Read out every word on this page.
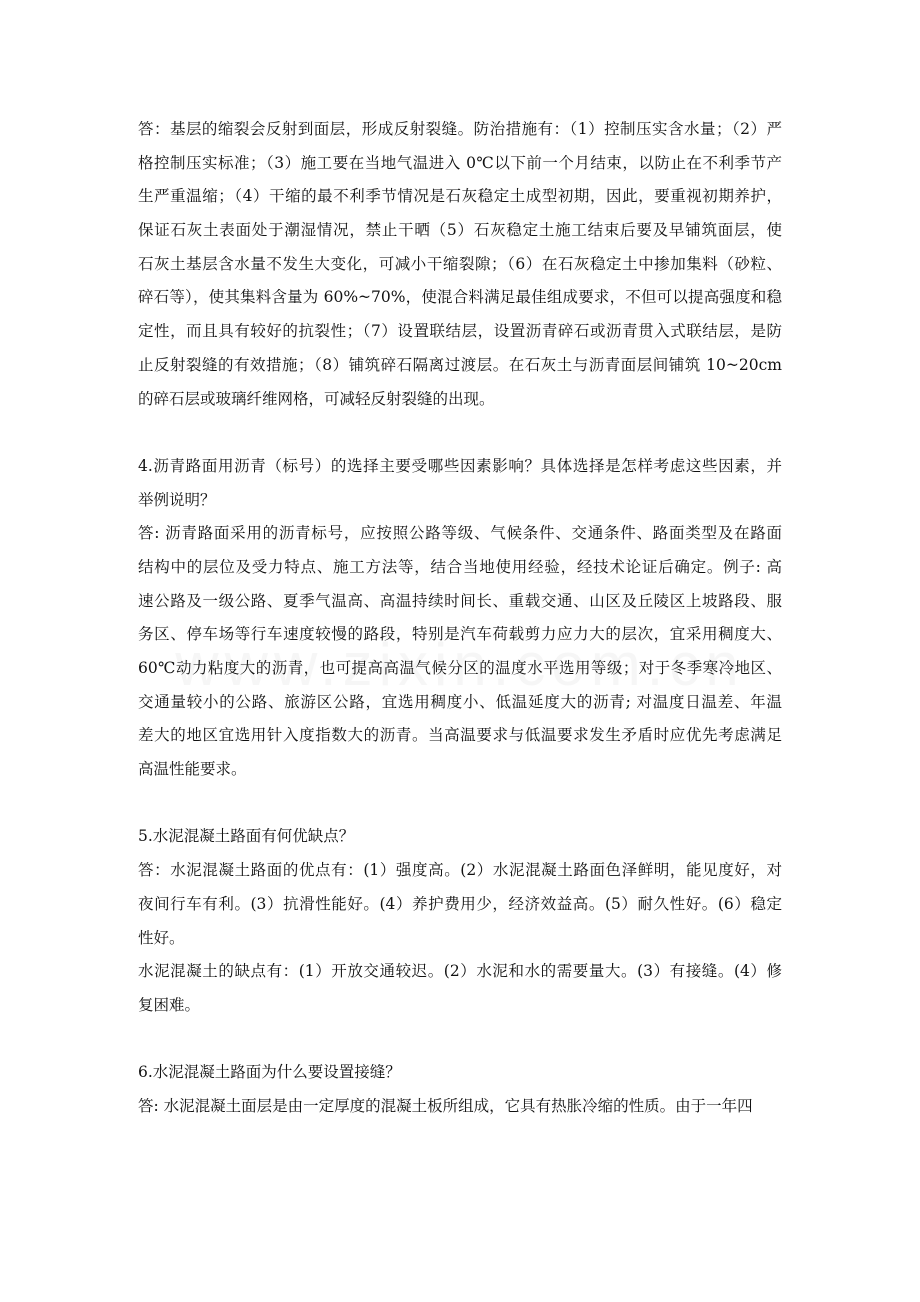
答：基层的缩裂会反射到面层，形成反射裂缝。防治措施有：（1）控制压实含水量；（2）严
格控制压实标准；（3）施工要在当地气温进入 0℃以下前一个月结束，以防止在不利季节产
生严重温缩；（4）干缩的最不利季节情况是石灰稳定土成型初期，因此，要重视初期养护，
保证石灰土表面处于潮湿情况，禁止干晒（5）石灰稳定土施工结束后要及早铺筑面层，使
石灰土基层含水量不发生大变化，可减小干缩裂隙；（6）在石灰稳定土中掺加集料（砂粒、
碎石等），使其集料含量为 60%~70%，使混合料满足最佳组成要求，不但可以提高强度和稳
定性，而且具有较好的抗裂性；（7）设置联结层，设置沥青碎石或沥青贯入式联结层，是防
止反射裂缝的有效措施；（8）铺筑碎石隔离过渡层。在石灰土与沥青面层间铺筑 10~20cm
的碎石层或玻璃纤维网格，可减轻反射裂缝的出现。
4.沥青路面用沥青（标号）的选择主要受哪些因素影响？具体选择是怎样考虑这些因素，并
举例说明？
答: 沥青路面采用的沥青标号，应按照公路等级、气候条件、交通条件、路面类型及在路面
结构中的层位及受力特点、施工方法等，结合当地使用经验，经技术论证后确定。例子: 高
速公路及一级公路、夏季气温高、高温持续时间长、重载交通、山区及丘陵区上坡路段、服
务区、停车场等行车速度较慢的路段，特别是汽车荷载剪力应力大的层次，宜采用稠度大、
60℃动力粘度大的沥青，也可提高高温气候分区的温度水平选用等级；对于冬季寒冷地区、
交通量较小的公路、旅游区公路，宜选用稠度小、低温延度大的沥青; 对温度日温差、年温
差大的地区宜选用针入度指数大的沥青。当高温要求与低温要求发生矛盾时应优先考虑满足
高温性能要求。
5.水泥混凝土路面有何优缺点？
答：水泥混凝土路面的优点有：(1）强度高。(2）水泥混凝土路面色泽鲜明，能见度好，对
夜间行车有利。(3）抗滑性能好。(4）养护费用少，经济效益高。(5）耐久性好。(6）稳定
性好。
水泥混凝土的缺点有：(1）开放交通较迟。(2）水泥和水的需要量大。(3）有接缝。(4）修
复困难。
6.水泥混凝土路面为什么要设置接缝？
答: 水泥混凝土面层是由一定厚度的混凝土板所组成，它具有热胀冷缩的性质。由于一年四
